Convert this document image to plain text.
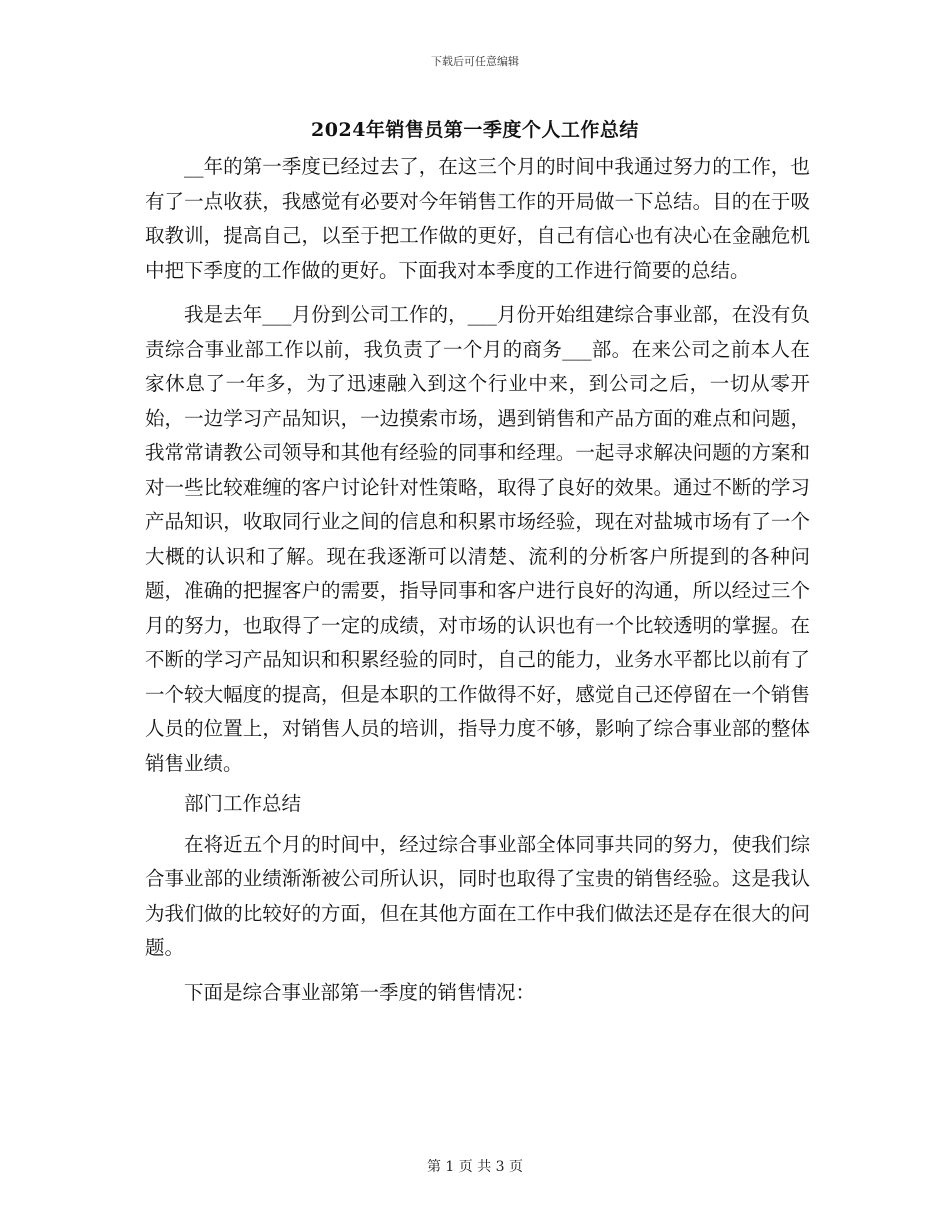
下载后可任意编辑
2024年销售员第一季度个人工作总结

__年的第一季度已经过去了，在这三个月的时间中我通过努力的工作，也有了一点收获，我感觉有必要对今年销售工作的开局做一下总结。目的在于吸取教训，提高自己，以至于把工作做的更好，自己有信心也有决心在金融危机中把下季度的工作做的更好。下面我对本季度的工作进行简要的总结。

我是去年___月份到公司工作的，___月份开始组建综合事业部，在没有负责综合事业部工作以前，我负责了一个月的商务___部。在来公司之前本人在家休息了一年多，为了迅速融入到这个行业中来，到公司之后，一切从零开始，一边学习产品知识，一边摸索市场，遇到销售和产品方面的难点和问题，我常常请教公司领导和其他有经验的同事和经理。一起寻求解决问题的方案和对一些比较难缠的客户讨论针对性策略，取得了良好的效果。通过不断的学习产品知识，收取同行业之间的信息和积累市场经验，现在对盐城市场有了一个大概的认识和了解。现在我逐渐可以清楚、流利的分析客户所提到的各种问题，准确的把握客户的需要，指导同事和客户进行良好的沟通，所以经过三个月的努力，也取得了一定的成绩，对市场的认识也有一个比较透明的掌握。在不断的学习产品知识和积累经验的同时，自己的能力，业务水平都比以前有了一个较大幅度的提高，但是本职的工作做得不好，感觉自己还停留在一个销售人员的位置上，对销售人员的培训，指导力度不够，影响了综合事业部的整体销售业绩。

部门工作总结

在将近五个月的时间中，经过综合事业部全体同事共同的努力，使我们综合事业部的业绩渐渐被公司所认识，同时也取得了宝贵的销售经验。这是我认为我们做的比较好的方面，但在其他方面在工作中我们做法还是存在很大的问题。

下面是综合事业部第一季度的销售情况：

第 1 页 共 3 页
